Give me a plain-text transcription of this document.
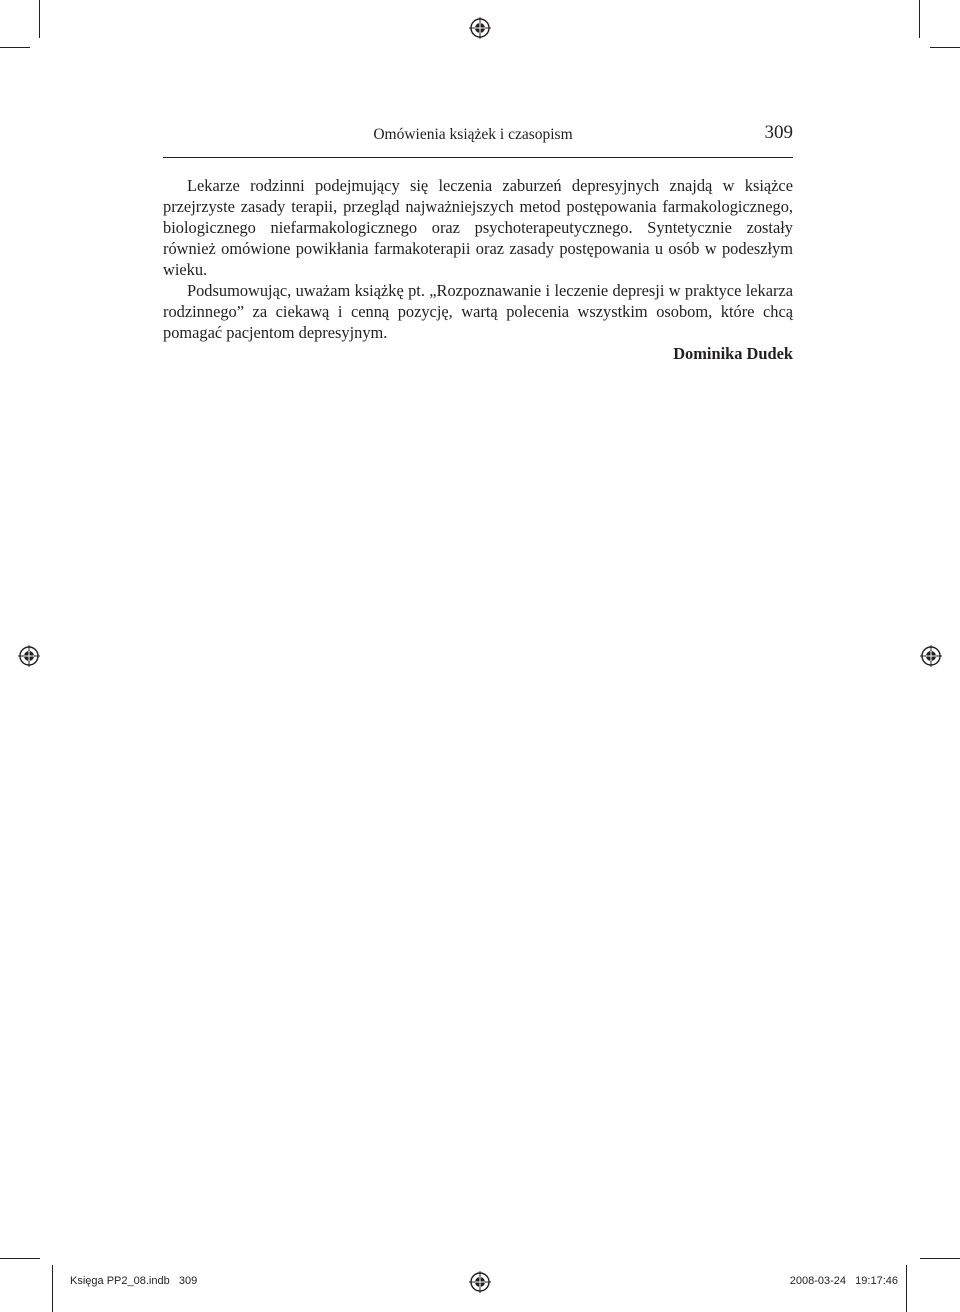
Omówienia książek i czasopism	309

Lekarze rodzinni podejmujący się leczenia zaburzeń depresyjnych znajdą w książce przejrzyste zasady terapii, przegląd najważniejszych metod postępowania farmakologicznego, biologicznego niefarmakologicznego oraz psychoterapeutycznego. Syntetycznie zostały również omówione powikłania farmakoterapii oraz zasady postępowania u osób w podeszłym wieku.

Podsumowując, uważam książkę pt. „Rozpoznawanie i leczenie depresji w praktyce lekarza rodzinnego” za ciekawą i cenną pozycję, wartą polecenia wszystkim osobom, które chcą pomagać pacjentom depresyjnym.

Dominika Dudek
Księga PP2_08.indb   309	2008-03-24   19:17:46
